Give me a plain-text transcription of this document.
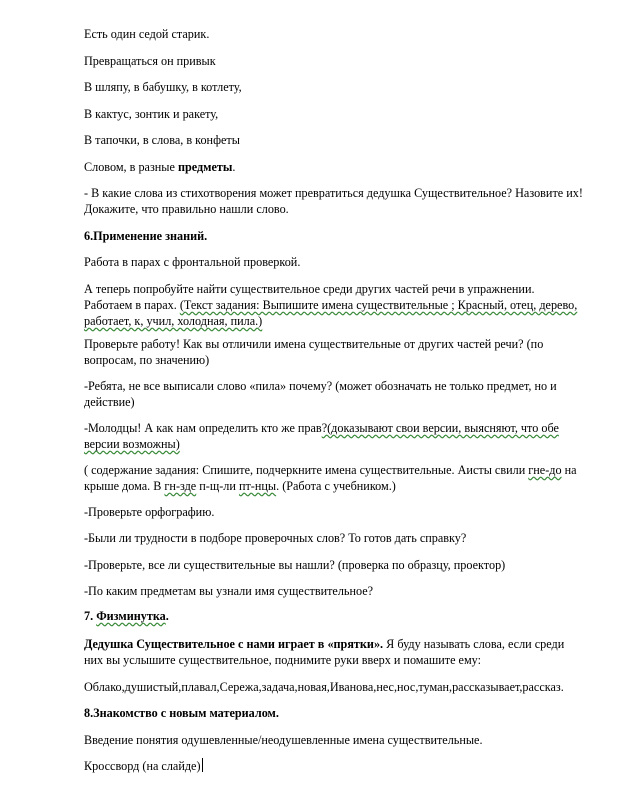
Есть один седой старик.

Превращаться он привык

В шляпу, в бабушку, в котлету,

В кактус, зонтик и ракету,

В тапочки, в слова, в конфеты

Словом, в разные предметы.

- В какие слова из стихотворения может превратиться дедушка Существительное? Назовите их! Докажите, что правильно нашли слово.

6.Применение знаний.

Работа в парах с фронтальной проверкой.

А теперь попробуйте найти существительное среди других частей речи в упражнении. Работаем в парах. (Текст задания: Выпишите имена существительные ; Красный, отец, дерево, работает, к, учил, холодная, пила.)

Проверьте работу! Как вы отличили имена существительные от других частей речи? (по вопросам, по значению)

-Ребята, не все выписали слово «пила» почему? (может обозначать не только предмет, но и действие)

-Молодцы! А как нам определить кто же прав?(доказывают свои версии, выясняют, что обе версии возможны)

( содержание задания: Спишите, подчеркните имена существительные. Аисты свили гне-до на крыше дома. В гн-зде п-щ-ли пт-нцы. (Работа с учебником.)

-Проверьте орфографию.

-Были ли трудности в подборе проверочных слов? То готов дать справку?

-Проверьте, все ли существительные вы нашли? (проверка по образцу, проектор)

-По каким предметам вы узнали имя существительное?

7. Физминутка.

Дедушка Существительное с нами играет в «прятки». Я буду называть слова, если среди них вы услышите существительное, поднимите руки вверх и помашите ему:

Облако,душистый,плавал,Сережа,задача,новая,Иванова,нес,нос,туман,рассказывает,рассказ.

8.Знакомство с новым материалом.

Введение понятия одушевленные/неодушевленные имена существительные.

Кроссворд (на слайде)
